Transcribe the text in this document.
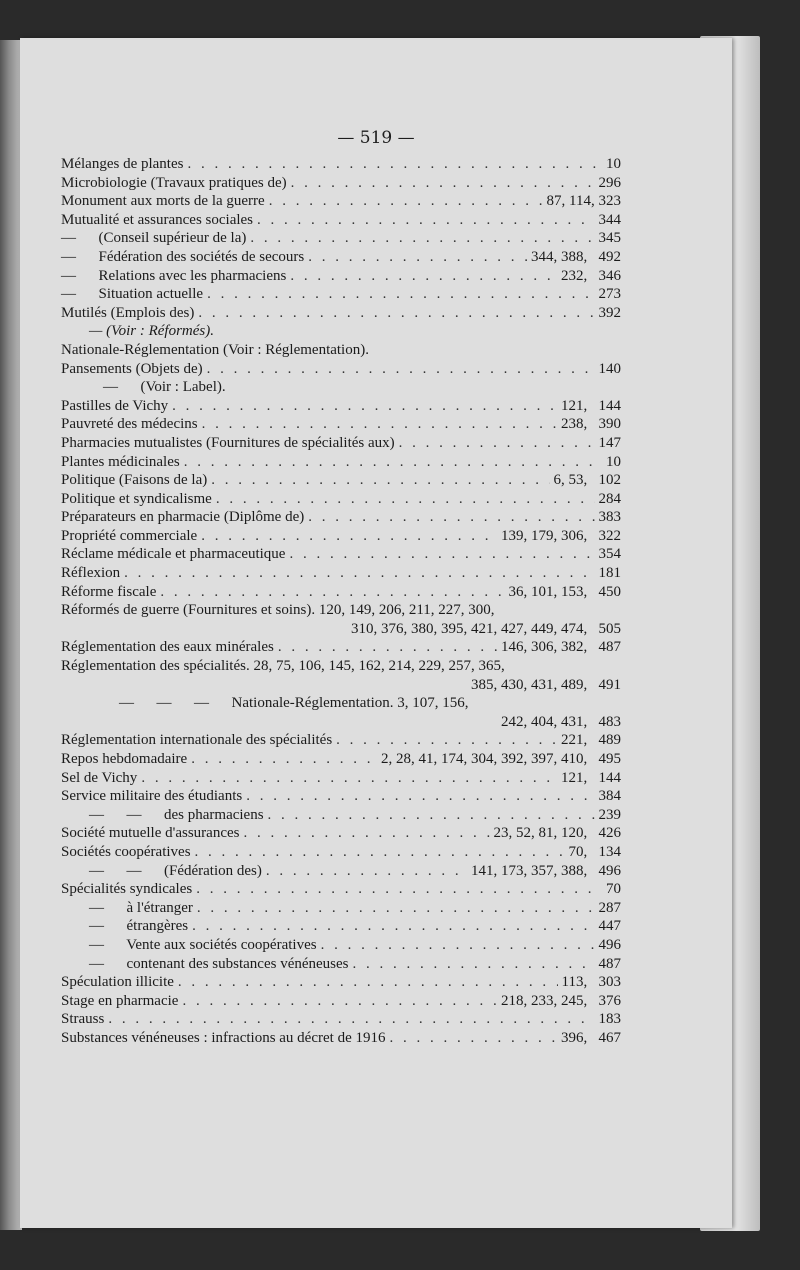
— 519 —
Mélanges de plantes . . .	10
Microbiologie (Travaux pratiques de) . . .	296
Monument aux morts de la guerre . . .	87, 114, 323
Mutualité et assurances sociales . . .	344
—      (Conseil supérieur de la) . . .	345
—      Fédération des sociétés de secours . . .	344, 388,   492
—      Relations avec les pharmaciens . . .	232,   346
—      Situation actuelle . . .	273
Mutilés (Emplois des) . . .	392
— (Voir : Réformés).
Nationale-Réglementation (Voir : Réglementation).
Pansements (Objets de) . . .	140
—      (Voir : Label).
Pastilles de Vichy . . .	121,   144
Pauvreté des médecins . . .	238,   390
Pharmacies mutualistes (Fournitures de spécialités aux) . . .	147
Plantes médicinales . . .	10
Politique (Faisons de la) . . .	6, 53,   102
Politique et syndicalisme . . .	284
Préparateurs en pharmacie (Diplôme de) . . .	383
Propriété commerciale . . .	139, 179, 306,   322
Réclame médicale et pharmaceutique . . .	354
Réflexion . . .	181
Réforme fiscale . . .	36, 101, 153,   450
Réformés de guerre (Fournitures et soins). 120, 149, 206, 211, 227, 300,
310, 376, 380, 395, 421, 427, 449, 474,   505
Réglementation des eaux minérales . . .	146, 306, 382,   487
Réglementation des spécialités. 28, 75, 106, 145, 162, 214, 229, 257, 365,
385, 430, 431, 489,   491
—      —      —      Nationale-Réglementation. 3, 107, 156,
242, 404, 431,   483
Réglementation internationale des spécialités . . .	221,   489
Repos hebdomadaire . . .	2, 28, 41, 174, 304, 392, 397, 410,   495
Sel de Vichy . . .	121,   144
Service militaire des étudiants . . .	384
—      —      des pharmaciens . . .	239
Société mutuelle d'assurances . . .	23, 52, 81, 120,   426
Sociétés coopératives . . .	70,   134
—      —      (Fédération des) . . .	141, 173, 357, 388,   496
Spécialités syndicales . . .	70
—      à l'étranger . . .	287
—      étrangères . . .	447
—      Vente aux sociétés coopératives . . .	496
—      contenant des substances vénéneuses . . .	487
Spéculation illicite . . .	113,   303
Stage en pharmacie . . .	218, 233, 245,   376
Strauss . . .	183
Substances vénéneuses : infractions au décret de 1916 . . .	396,   467
